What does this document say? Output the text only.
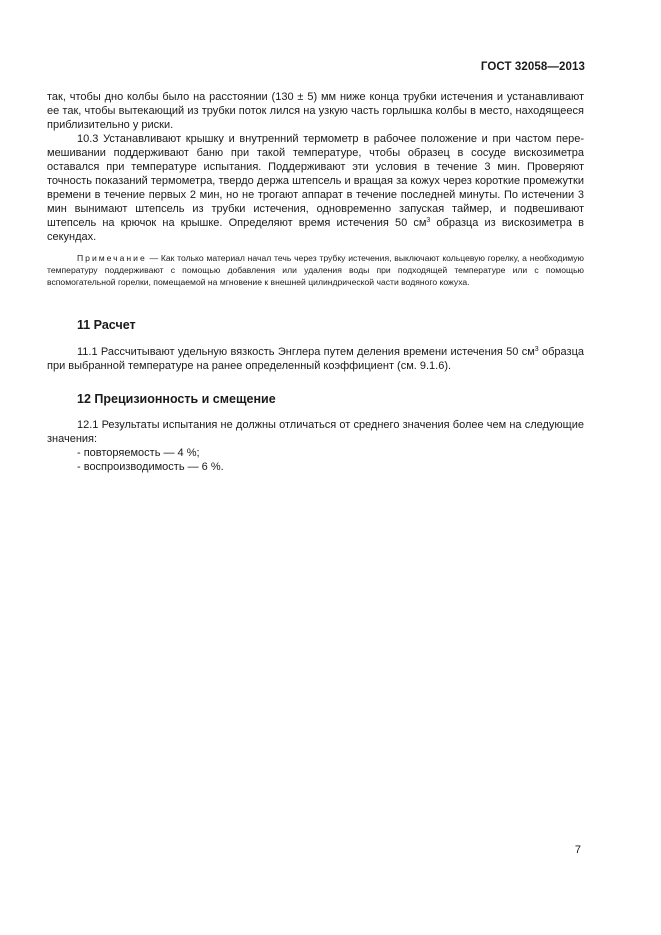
ГОСТ 32058—2013

так, чтобы дно колбы было на расстоянии (130 ± 5) мм ниже конца трубки истечения и устанавливают ее так, чтобы вытекающий из трубки поток лился на узкую часть горлышка колбы в место, находящееся приблизительно у риски.

10.3 Устанавливают крышку и внутренний термометр в рабочее положение и при частом перемешивании поддерживают баню при такой температуре, чтобы образец в сосуде вискозиметра оставался при температуре испытания. Поддерживают эти условия в течение 3 мин. Проверяют точность показаний термометра, твердо держа штепсель и вращая за кожух через короткие промежутки времени в течение первых 2 мин, но не трогают аппарат в течение последней минуты. По истечении 3 мин вынимают штепсель из трубки истечения, одновременно запуская таймер, и подвешивают штепсель на крючок на крышке. Определяют время истечения 50 $см^3$ образца из вискозиметра в секундах.

Примечание — Как только материал начал течь через трубку истечения, выключают кольцевую горелку, а необходимую температуру поддерживают с помощью добавления или удаления воды при подходящей температуре или с помощью вспомогательной горелки, помещаемой на мгновение к внешней цилиндрической части водяного кожуха.

11 Расчет

11.1 Рассчитывают удельную вязкость Энглера путем деления времени истечения 50 $см^3$ образца при выбранной температуре на ранее определенный коэффициент (см. 9.1.6).

12 Прецизионность и смещение

12.1 Результаты испытания не должны отличаться от среднего значения более чем на следующие значения:

- повторяемость — 4 %;
- воспроизводимость — 6 %.
7
